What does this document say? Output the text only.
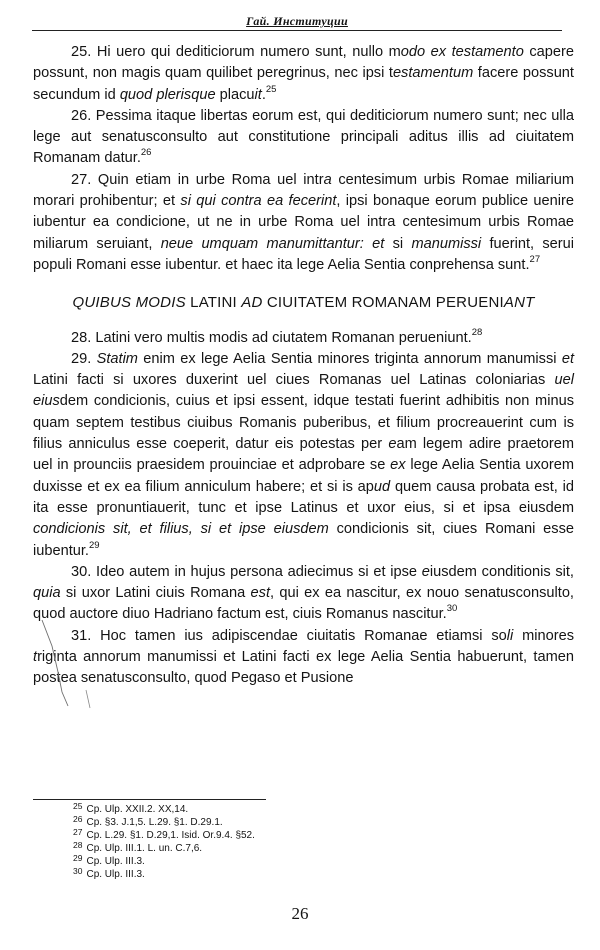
Гай. Институции

25. Hi uero qui dediticiorum numero sunt, nullo modo ex testamento capere possunt, non magis quam quilibet peregrinus, nec ipsi testamentum facere possunt secundum id quod plerisque placuit.$^{25}$

26. Pessima itaque libertas eorum est, qui dediticiorum numero sunt; nec ulla lege aut senatusconsulto aut constitutione principali aditus illis ad ciuitatem Romanam datur.$^{26}$

27. Quin etiam in urbe Roma uel intra centesimum urbis Romae miliarium morari prohibentur; et si qui contra ea fecerint, ipsi bonaque eorum publice uenire iubentur ea condicione, ut ne in urbe Roma uel intra centesimum urbis Romae miliarum seruiant, neue umquam manumittantur: et si manumissi fuerint, serui populi Romani esse iubentur. et haec ita lege Aelia Sentia conprehensa sunt.$^{27}$

QUIBUS MODIS LATINI AD CIUITATEM ROMANAM PERUENIANT

28. Latini vero multis modis ad ciutatem Romanan perueniunt.$^{28}$

29. Statim enim ex lege Aelia Sentia minores triginta annorum manumissi et Latini facti si uxores duxerint uel ciues Romanas uel Latinas coloniarias uel eiusdem condicionis, cuius et ipsi essent, idque testati fuerint adhibitis non minus quam septem testibus ciuibus Romanis puberibus, et filium procreauerint cum is filius anniculus esse coeperit, datur eis potestas per eam legem adire praetorem uel in prounciis praesidem prouinciae et adprobare se ex lege Aelia Sentia uxorem duxisse et ex ea filium anniculum habere; et si is apud quem causa probata est, id ita esse pronuntiauerit, tunc et ipse Latinus et uxor eius, si et ipsa eiusdem condicionis sit, et filius, si et ipse eiusdem condicionis sit, ciues Romani esse iubentur.$^{29}$

30. Ideo autem in hujus persona adiecimus si et ipse eiusdem conditionis sit, quia si uxor Latini ciuis Romana est, qui ex ea nascitur, ex nouo senatusconsulto, quod auctore diuo Hadriano factum est, ciuis Romanus nascitur.$^{30}$

31. Hoc tamen ius adipiscendae ciuitatis Romanae etiamsi soli minores triginta annorum manumissi et Latini facti ex lege Aelia Sentia habuerunt, tamen postea senatusconsulto, quod Pegaso et Pusione

$^{25}$ Cp. Ulp. XXII.2. XX,14.
$^{26}$ Cp. §3. J.1,5. L.29. §1. D.29.1.
$^{27}$ Cp. L.29. §1. D.29,1. Isid. Or.9.4. §52.
$^{28}$ Cp. Ulp. III.1. L. un. C.7,6.
$^{29}$ Cp. Ulp. III.3.
$^{30}$ Cp. Ulp. III.3.
26
